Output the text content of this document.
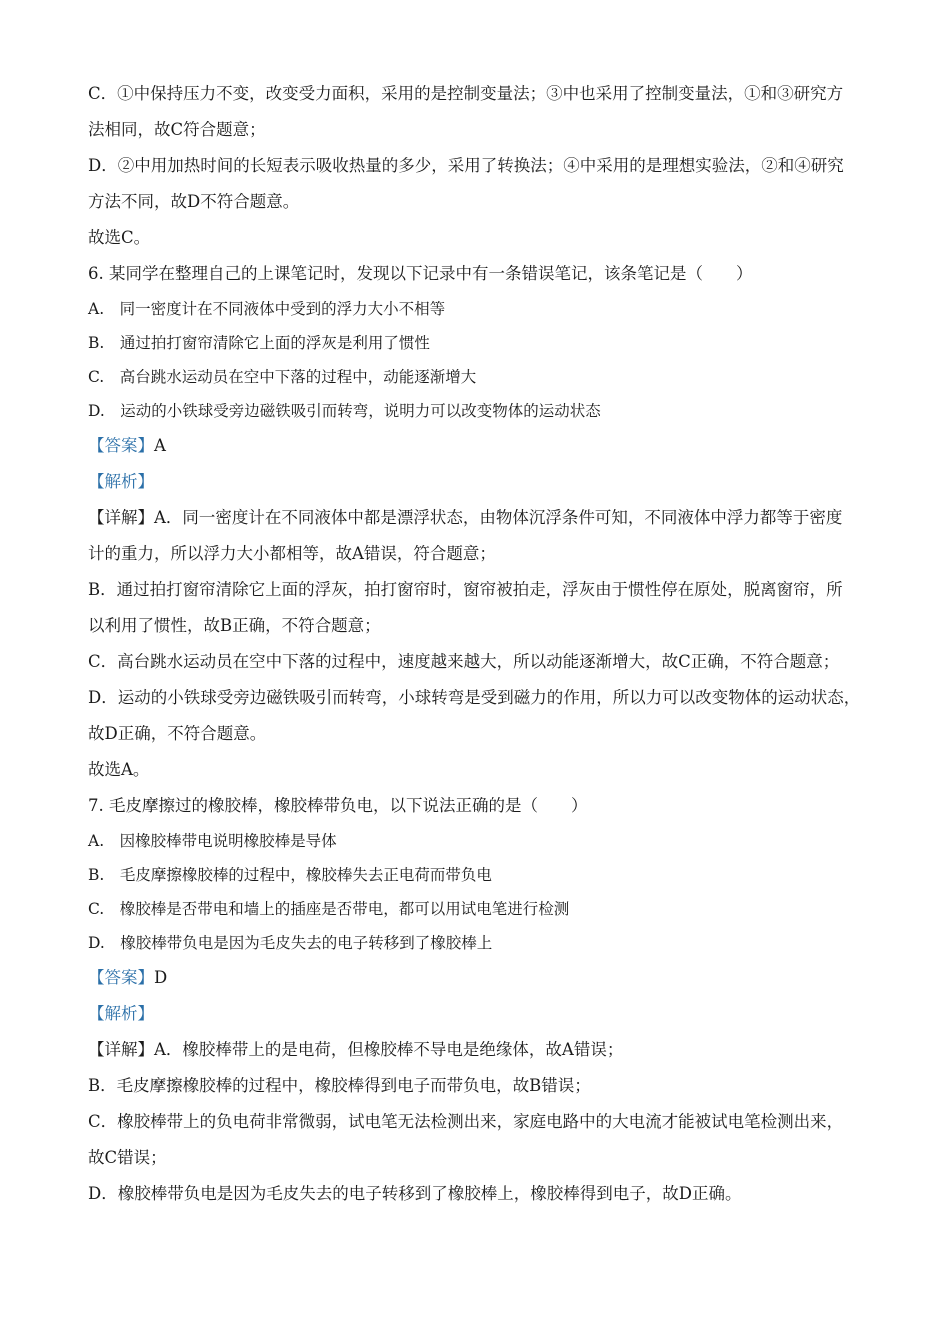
C．①中保持压力不变，改变受力面积，采用的是控制变量法；③中也采用了控制变量法，①和③研究方
法相同，故C符合题意；
D．②中用加热时间的长短表示吸收热量的多少，采用了转换法；④中采用的是理想实验法，②和④研究
方法不同，故D不符合题意。
故选C。
6. 某同学在整理自己的上课笔记时，发现以下记录中有一条错误笔记，该条笔记是（　　）
A.　同一密度计在不同液体中受到的浮力大小不相等
B.　通过拍打窗帘清除它上面的浮灰是利用了惯性
C.　高台跳水运动员在空中下落的过程中，动能逐渐增大
D.　运动的小铁球受旁边磁铁吸引而转弯，说明力可以改变物体的运动状态
【答案】A
【解析】
【详解】A．同一密度计在不同液体中都是漂浮状态，由物体沉浮条件可知，不同液体中浮力都等于密度
计的重力，所以浮力大小都相等，故A错误，符合题意；
B．通过拍打窗帘清除它上面的浮灰，拍打窗帘时，窗帘被拍走，浮灰由于惯性停在原处，脱离窗帘，所
以利用了惯性，故B正确，不符合题意；
C．高台跳水运动员在空中下落的过程中，速度越来越大，所以动能逐渐增大，故C正确，不符合题意；
D．运动的小铁球受旁边磁铁吸引而转弯，小球转弯是受到磁力的作用，所以力可以改变物体的运动状态，
故D正确，不符合题意。
故选A。
7. 毛皮摩擦过的橡胶棒，橡胶棒带负电，以下说法正确的是（　　）
A.　因橡胶棒带电说明橡胶棒是导体
B.　毛皮摩擦橡胶棒的过程中，橡胶棒失去正电荷而带负电
C.　橡胶棒是否带电和墙上的插座是否带电，都可以用试电笔进行检测
D.　橡胶棒带负电是因为毛皮失去的电子转移到了橡胶棒上
【答案】D
【解析】
【详解】A．橡胶棒带上的是电荷，但橡胶棒不导电是绝缘体，故A错误；
B．毛皮摩擦橡胶棒的过程中，橡胶棒得到电子而带负电，故B错误；
C．橡胶棒带上的负电荷非常微弱，试电笔无法检测出来，家庭电路中的大电流才能被试电笔检测出来，
故C错误；
D．橡胶棒带负电是因为毛皮失去的电子转移到了橡胶棒上，橡胶棒得到电子，故D正确。
